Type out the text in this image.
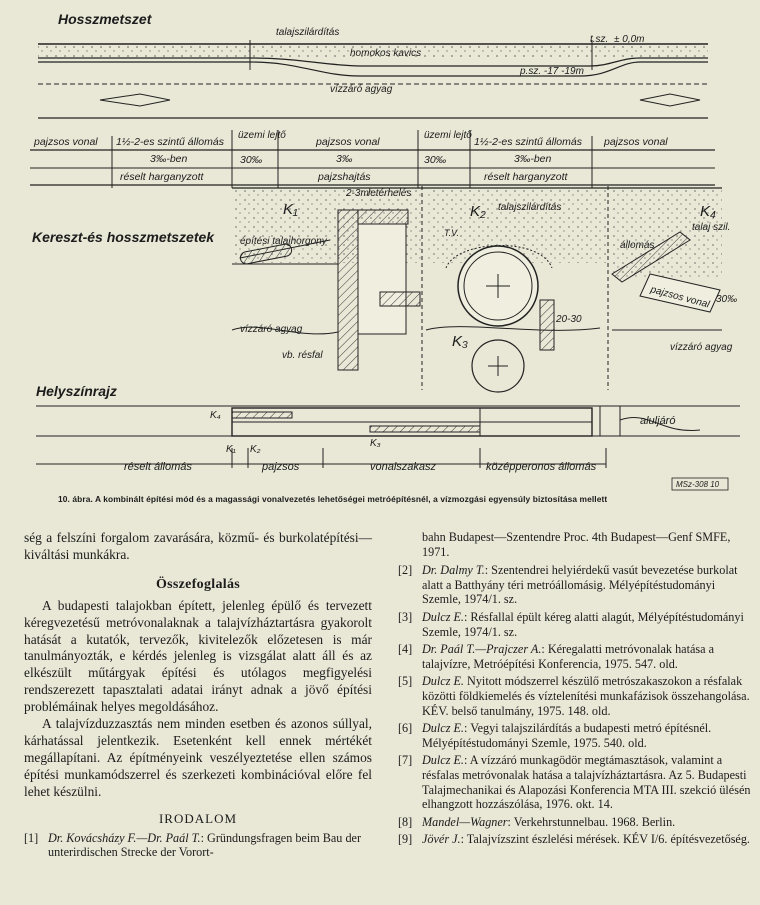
Hosszmetszet
talajszilárdítás
homokos kavics
vízzáró agyag
± 0,0m
t.sz.
p.sz. -17 -19m
pajzsos vonal 1½-2-es szintű állomás
üzemi lejtő
pajzsos vonal
üzemi lejtő
1½-2-es szintű állomás pajzsos vonal
3‰-ben	30‰	3‰	30‰	3‰-ben
réselt harganyzott	pajzshajtás	réselt harganyzott
Kereszt-és hosszmetszetek
K₁	K₂
K₃
K₄
2-3m letérhelés
talajszilárdítás
építési talajhorgony
vízzáró agyag
vb. résfal
20-30
T.V.	talaj szil.
állomás
pajzsos vonal 30‰
vízzáró agyag
Helyszínrajz
K₄
K₁ K₂
K₃
aluljáró
réselt állomás	pajzsos	vonalszakasz	középperonos állomás
MSz-308 10
10. ábra. A kombinált építési mód és a magassági vonalvezetés lehetőségei metróépítésnél, a vízmozgási egyensúly biztosítása mellett

ség a felszíni forgalom zavarására, közmű- és burkolatépítési—kiváltási munkákra.

Összefoglalás

A budapesti talajokban épített, jelenleg épülő és tervezett kéregvezetésű metróvonalaknak a talajvízháztartásra gyakorolt hatását a kutatók, tervezők, kivitelezők előzetesen is már tanulmányozták, e kérdés jelenleg is vizsgálat alatt áll és az elkészült műtárgyak építési és utólagos megfigyelési rendszerezett tapasztalati adatai irányt adnak a jövő építési problémáinak helyes megoldásához.

A talajvízduzzasztás nem minden esetben és azonos súllyal, kárhatással jelentkezik. Esetenként kell ennek mértékét megállapítani. Az építményeink veszélyeztetése ellen számos építési munkamódszerrel és szerkezeti kombinációval előre fel lehet készülni.

IRODALOM
[1] Dr. Kovácsházy F.—Dr. Paál T.: Gründungsfragen beim Bau der unterirdischen Strecke der Vorort-

bahn Budapest—Szentendre Proc. 4th Budapest—Genf SMFE, 1971.

[2] Dr. Dalmy T.: Szentendrei helyiérdekű vasút bevezetése burkolat alatt a Batthyány téri metróállomásig. Mélyépítéstudományi Szemle, 1974/1. sz.
[3] Dulcz E.: Résfallal épült kéreg alatti alagút, Mélyépítéstudományi Szemle, 1974/1. sz.
[4] Dr. Paál T.—Prajczer A.: Kéregalatti metróvonalak hatása a talajvízre, Metróépítési Konferencia, 1975. 547. old.
[5] Dulcz E. Nyitott módszerrel készülő metrószakaszokon a résfalak közötti földkiemelés és víztelenítési munkafázisok összehangolása. KÉV. belső tanulmány, 1975. 148. old.
[6] Dulcz E.: Vegyi talajszilárdítás a budapesti metró építésnél. Mélyépítéstudományi Szemle, 1975. 540. old.
[7] Dulcz E.: A vízzáró munkagödör megtámasztások, valamint a résfalas metróvonalak hatása a talajvízháztartásra. Az 5. Budapesti Talajmechanikai és Alapozási Konferencia MTA III. szekció ülésén elhangzott hozzászólása, 1976. okt. 14.
[8] Mandel—Wagner: Verkehrstunnelbau. 1968. Berlin.
[9] Jövér J.: Talajvízszint észlelési mérések. KÉV I/6. építésvezetőség.
